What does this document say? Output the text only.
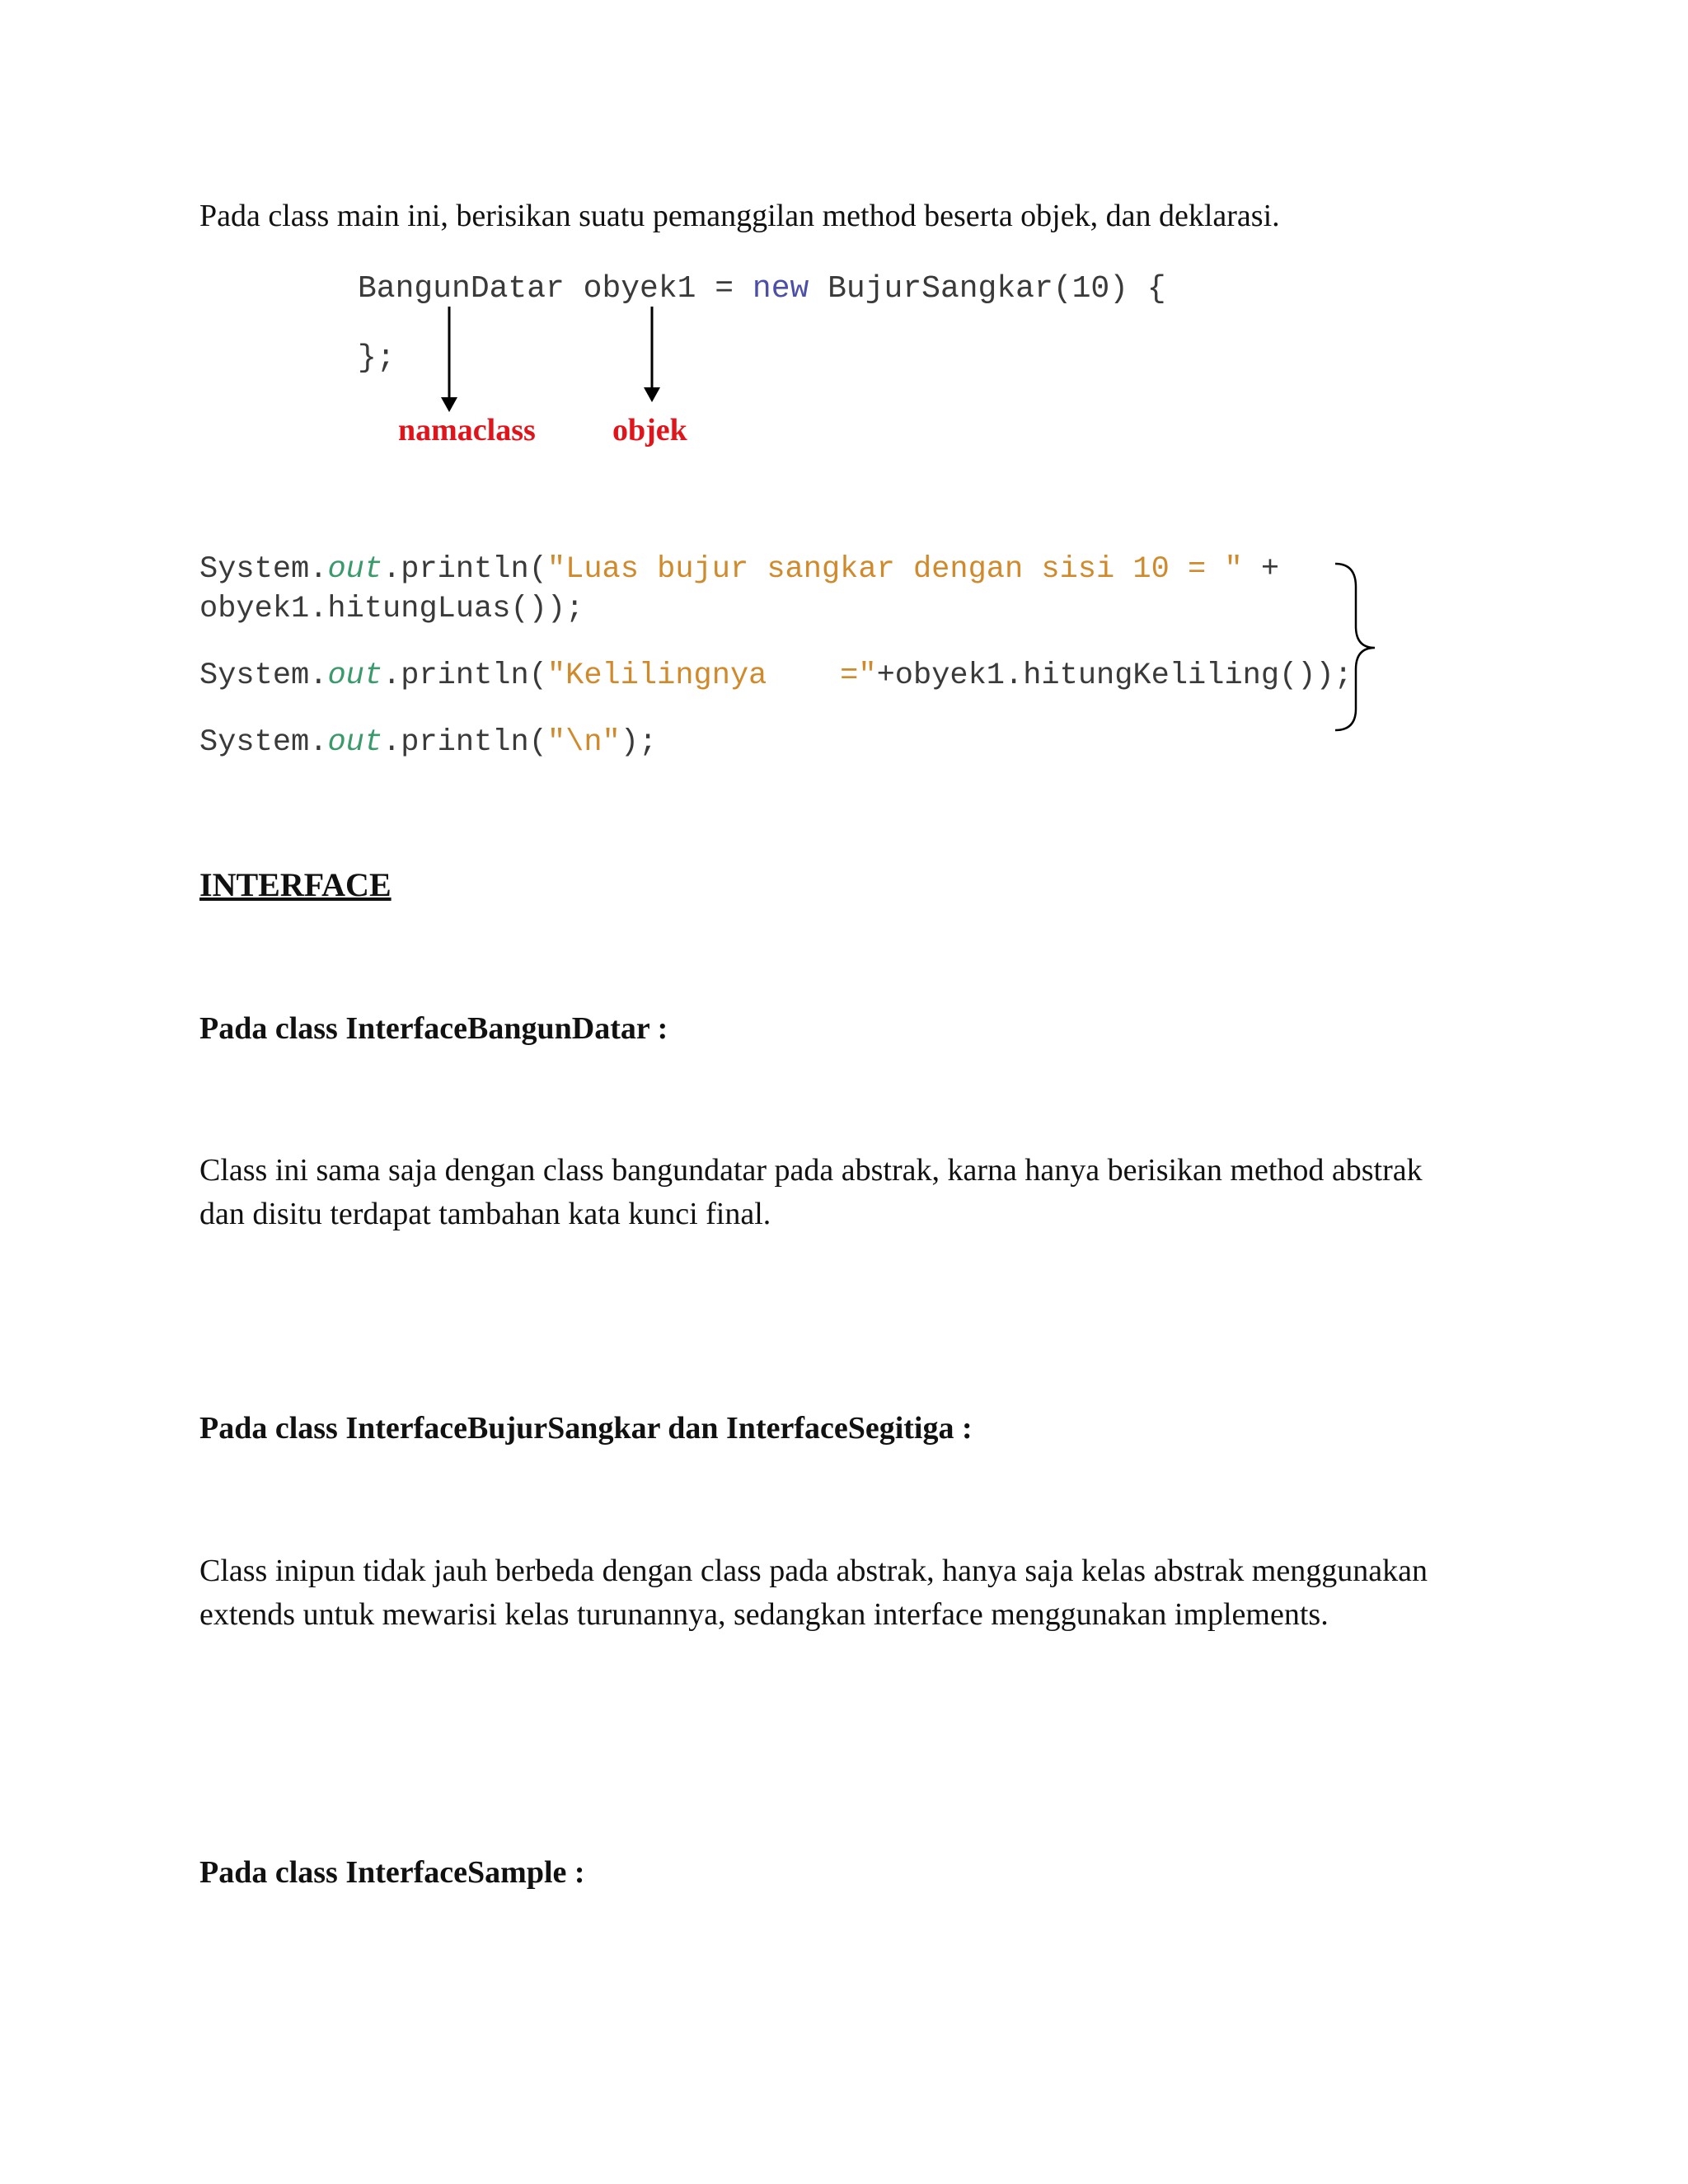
Pada class main ini, berisikan suatu pemanggilan method beserta objek, dan deklarasi.
BangunDatar obyek1 = new BujurSangkar(10) {
};
namaclass objek
System.out.println("Luas bujur sangkar dengan sisi 10 = " +
obyek1.hitungLuas());
System.out.println("Kelilingnya    ="+obyek1.hitungKeliling());
System.out.println("\n");
INTERFACE
Pada class InterfaceBangunDatar :
Class ini sama saja dengan class bangundatar pada abstrak, karna hanya berisikan method abstrak dan disitu terdapat tambahan kata kunci final.
Pada class InterfaceBujurSangkar dan InterfaceSegitiga :
Class inipun tidak jauh berbeda dengan class pada abstrak, hanya saja kelas abstrak menggunakan extends untuk mewarisi kelas turunannya, sedangkan interface menggunakan implements.
Pada class InterfaceSample :
